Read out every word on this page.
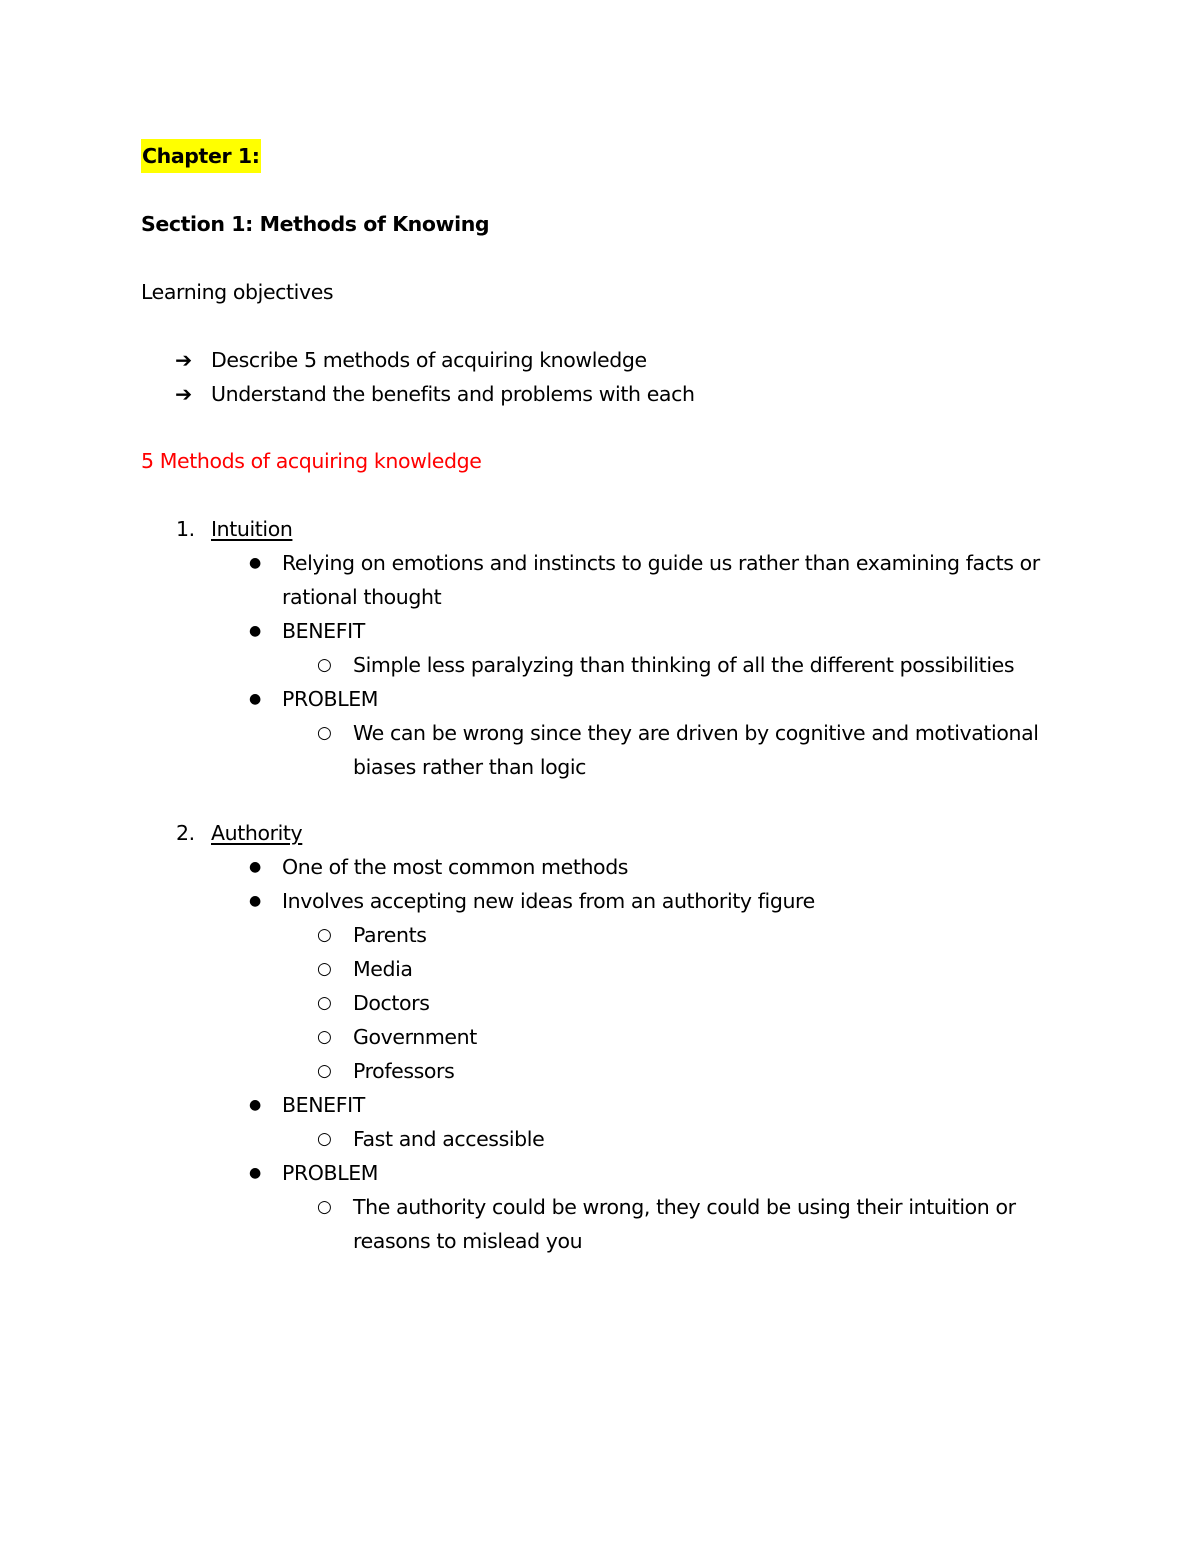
Chapter 1:
Section 1: Methods of Knowing
Learning objectives
➔ Describe 5 methods of acquiring knowledge
➔ Understand the benefits and problems with each
5 Methods of acquiring knowledge
1. Intuition
● Relying on emotions and instincts to guide us rather than examining facts or rational thought
● BENEFIT
○ Simple less paralyzing than thinking of all the different possibilities
● PROBLEM
○ We can be wrong since they are driven by cognitive and motivational biases rather than logic
2. Authority
● One of the most common methods
● Involves accepting new ideas from an authority figure
○ Parents
○ Media
○ Doctors
○ Government
○ Professors
● BENEFIT
○ Fast and accessible
● PROBLEM
○ The authority could be wrong, they could be using their intuition or reasons to mislead you
